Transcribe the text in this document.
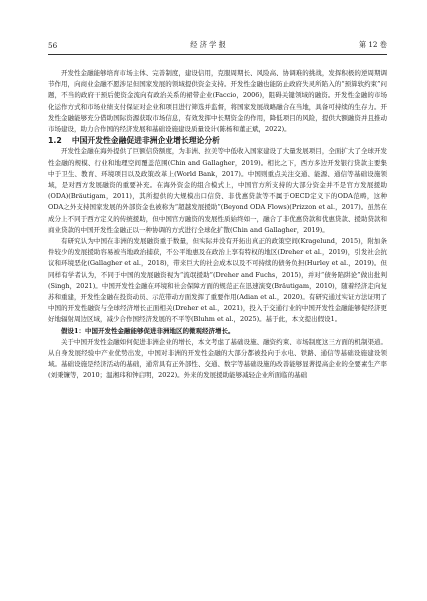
56	经 济 学 报	第 12 卷

开发性金融能够培育市场主体、完善制度，建设信用，克服周期长、风险高、协调难的挑战，发挥积极的逆周期调节作用，向商业金融不愿涉足但国家发展的领域提供资金支持。开发性金融也能防止政府失灵所陷入的“预算软约束”问题，不当的政府干预后使资金流向有政治关系的裙带企业(Faccio，2006)，阻碍关键领域的融资。开发性金融的市场化运作方式和市场业绩支付保证对企业和项目进行筛选并监督，将国家发展战略融合在当地，具备可持续的生存力。开发性金融能够充分借助国际资源获取市场信息，有效发挥中长期资金的作用，降低项目的风险，提供大额融资并且推动市场建设，助力合作国的经济发展和基础设施建设质量设计(陈杨和董正斌，2022)。

1.2 中国开发性金融促进非洲企业增长理论分析

开发性金融在海外提供了巨额信贷额度，为非洲、拉美等中低收入国家建设了大量发展项目，全面扩大了全球开发性金融的规模、行业和地理空间覆盖范围(Chin and Gallagher，2019)。相比之下，西方多边开发银行贷款主要集中于卫生、教育、环境项目以及政策改革上(World Bank，2017)。中国则重点关注交通、能源、通信等基础设施领域，是对西方发展融资的重要补充。在海外资金的组合模式上，中国官方所支持的大部分资金并不是官方发展援助(ODA)(Bräutigam，2011)，其所提供的大规模出口信贷、非优惠贷款等不属于OECD定义下的ODA范畴，这种ODA之外支持国家发展的外部资金也被称为“超越发展援助”(Beyond ODA Flows)(Prizzon et al.，2017)。虽然在成分上不同于西方定义的传统援助，但中国官方融资的发展性质始终如一，融合了非优惠贷款和优惠贷款、援助贷款和商业贷款的中国开发性金融正以一种协调的方式进行全球化扩散(Chin and Gallagher，2019)。

有研究认为中国在非洲的发展融资重于数量，但实际并没有开拓出真正的政策空间(Kragelund，2015)，附加条件较少的发展援助容易被当地政治捕获，不公平地惠及在政治上享有特权的地区(Dreher et al.，2019)，引发社会抗议和环境恶化(Gallagher et al.，2018)，带来巨大的社会成本以及不可持续的债务负担(Hurley et al.，2019)。但同样有学者认为，不同于中国的发展融资视为“流氓援助”(Dreher and Fuchs，2015)，并对“债务陷阱论”做出批判(Singh，2021)。中国开发性金融在环境和社会保障方面的规范正在迅速演变(Bräutigam，2010)，随着经济走向复苏和重建，开发性金融在投资动员、示范带动方面发挥了重要作用(Adian et al.，2020)。有研究通过实证方法证明了中国的开发性融资与全球经济增长正面相关(Dreher et al.，2021)，投入于交通行业的中国开发性金融能够促经济更好地辐射周边区域，减少合作国经济发展的不平等(Bluhm et al.，2025)。基于此，本文提出假设1。

假设1：中国开发性金融能够促进非洲地区的微观经济增长。

关于中国开发性金融如何促进非洲企业的增长，本文考虑了基础设施、融资约束、市场制度这三方面的机制渠道。从自身发展经验中产业优势出发，中国对非洲的开发性金融的大部分都被投向于水电、铁路、通信等基础设施建设领域。基础设施是经济活动的基础，通常具有正外部性、交通、数字等基础设施的改善能够显著提高企业的全要素生产率(刘秉镰等，2010；温湘玮和钟启明，2022)。外来的发展援助能够减轻企业所面临的基础
